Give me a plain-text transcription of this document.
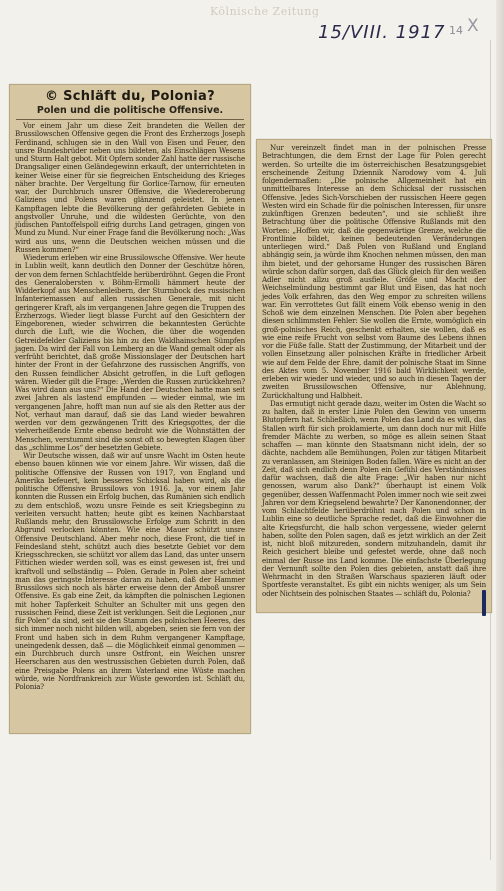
Kölnische Zeitung
15/VIII. 1917 14 X
© Schläft du, Polonia?
Polen und die politische Offensive.

Vor einem Jahr um diese Zeit brandeten die Wellen der Brussilowschen Offensive gegen die Front des Erzherzogs Joseph Ferdinand, schlugen sie in den Wall von Eisen und Feuer, den unsre Bundesbrüder neben uns bildeten, als Einschlägen Wesens und Sturm Halt gebot. Mit Opfern sonder Zahl hatte der russische Drangsaliger einen Geländegewinn erkauft, der unterrichteten in keiner Weise einer für sie fiegreichen Entscheidung des Krieges näher brachte. Der Vergeltung für Gorlice-Tarnow, für erneuten war, der Durchbruch unsrer Offensive, die Wiedereroberung Galiziens und Polens waren glänzend geleistet. In jenen Kampftagen lebte die Bevölkerung der gefährdeten Gebiete in angstvoller Unruhe, und die wildesten Gerüchte, von den jüdischen Pantoffelspoll eifrig durchs Land getragen, gingen von Mund zu Mund. Nur einer Frage fand die Bevölkerung noch: „Was wird aus uns, wenn die Deutschen weichen müssen und die Russen kommen?“

Wiederum erleben wir eine Brussilowsche Offensive. Wer heute in Lublin weilt, kann deutlich den Donner der Geschütze hören, der von dem fernen Schlachtfelde herüberdröhnt. Gegen die Front des Generalobersten v. Böhm-Ermolli hämmert heute der Widderkopf aus Menschenleibern, der Sturmbock des russischen Infanteriemassen auf allen russischen Generale, mit nicht geringerer Kraft, als im vergangenen Jahre gegen die Truppen des Erzherzogs. Wieder liegt blasse Furcht auf den Gesichtern der Eingeborenen, wieder schwirren die bekanntesten Gerüchte durch die Luft, wie die Wochen, die über die wogenden Getreidefelder Galiziens bis hin zu den Waldhainschen Sümpfen jagen. Da wird der Fall von Lemberg an die Wand gemalt oder als verfrüht berichtet, daß große Missionslager der Deutschen hart hinter der Front in der Gefahrzone des russischen Angriffs, von den Russen feindlicher Absicht getroffen, in die Luft geflogen wären. Wieder gilt die Frage: „Werden die Russen zurückkehren? Was wird dann aus uns?“ Die Hand der Deutschen hatte man seit zwei Jahren als lastend empfunden — wieder einmal, wie im vergangenen Jahre, hofft man nun auf sie als den Retter aus der Not, verhaut man darauf, daß sie das Land wieder bewahren werden vor dem gezwängenen Tritt des Kriegsgottes, der die vielverheißende Ernte ebenso bedroht wie die Wohnstätten der Menschen, verstummt sind die sonst oft so bewegten Klagen über das „schlimme Los“ der besetzten Gebiete.

Wir Deutsche wissen, daß wir auf unsre Wacht im Osten heute ebenso bauen können wie vor einem Jahre. Wir wissen, daß die politische Offensive der Russen von 1917, von England und Amerika befeuert, kein besseres Schicksal haben wird, als die politische Offensive Brussilows von 1916. Ja, vor einem Jahr konnten die Russen ein Erfolg buchen, das Rumänien sich endlich zu dem entschloß, wozu unsre Feinde es seit Kriegsbeginn zu verleiten versucht hatten; heute gibt es keinen Nachbarstaat Rußlands mehr, den Brussilowsche Erfolge zum Schritt in den Abgrund verlocken könnten. Wie eine Mauer schützt unsre Offensive Deutschland. Aber mehr noch, diese Front, die tief in Feindesland steht, schützt auch dies besetzte Gebiet vor dem Kriegsschrecken, sie schützt vor allem das Land, das unter unsern Fittichen wieder werden soll, was es einst gewesen ist, frei und kraftvoll und selbständig — Polen. Gerade in Polen aber scheint man das geringste Interesse daran zu haben, daß der Hammer Brussilows sich noch als härter erweise denn der Amboß unsrer Offensive. Es gab eine Zeit, da kämpften die polnischen Legionen mit hoher Tapferkeit Schulter an Schulter mit uns gegen den russischen Feind, diese Zeit ist verklungen. Seit die Legionen „nur für Polen“ da sind, seit sie den Stamm des polnischen Heeres, des sich immer noch nicht bilden will, abgeben, seien sie fern von der Front und haben sich in dem Ruhm vergangener Kampftage, uneingedenk dessen, daß — die Möglichkeit einmal genommen — ein Durchbruch durch unsre Ostfront, ein Weichen unsrer Heerscharen aus den westrussischen Gebieten durch Polen, daß eine Preisgabe Polens an ihrem Vaterland eine Wüste machen würde, wie Nordfrankreich zur Wüste geworden ist. Schläft du, Polonia?

Nur vereinzelt findet man in der polnischen Presse Betrachtungen, die dem Ernst der Lage für Polen gerecht werden. So urteilte die im österreichischen Besatzungsgebiet erscheinende Zeitung Dziennik Narodowy vom 4. Juli folgendermaßen: „Die polnische Allgemeinheit hat ein unmittelbares Interesse an dem Schicksal der russischen Offensive. Jedes Sich-Vorschieben der russischen Heere gegen Westen wird ein Schade für die polnischen Interessen, für unsre zukünftigen Grenzen bedeuten“, und sie schließt ihre Betrachtung über die politische Offensive Rußlands mit den Worten: „Hoffen wir, daß die gegenwärtige Grenze, welche die Frontlinie bildet, keinen bedeutenden Veränderungen unterliegen wird.“ Daß Polen von Rußland und England abhängig sein, ja würde ihm Knochen nehmen müssen, den man ihm bietet, und der gehorsame Hunger des russischen Bären würde schon dafür sorgen, daß das Glück gleich für den weißen Adler nicht allzu groß ausfiele. Größe und Macht der Weichselmündung bestimmt gar Blut und Eisen, das hat noch jedes Volk erfahren, das den Weg empor zu schreiten willens war. Ein verrottetes Gut fällt einem Volk ebenso wenig in den Schoß wie dem einzelnen Menschen. Die Polen aber begehen diesen schlimmsten Fehler: Sie wollen die Ernte, womöglich ein groß-polnisches Reich, geschenkt erhalten, sie wollen, daß es wie eine reife Frucht von selbst vom Baume des Lebens ihnen vor die Füße falle. Statt der Zustimmung, der Mitarbeit und der vollen Einsetzung aller polnischen Kräfte in friedlicher Arbeit wie auf dem Felde der Ehre, damit der polnische Staat im Sinne des Aktes vom 5. November 1916 bald Wirklichkeit werde, erleben wir wieder und wieder, und so auch in diesen Tagen der zweiten Brussilowschen Offensive, nur Ablehnung, Zurückhaltung und Halbheit.

Das ermutigt nicht gerade dazu, weiter im Osten die Wacht so zu halten, daß in erster Linie Polen den Gewinn von unserm Blutopfern hat. Schließlich, wenn Polen das Land da es will, das Stallen wirft für sich proklamierte, um dann doch nur mit Hilfe fremder Mächte zu werben, so möge es allein seinen Staat schaffen — man könnte den Staatsmann nicht ideln, der so dächte, nachdem alle Bemühungen, Polen zur tätigen Mitarbeit zu veranlassen, am Steinigen Boden fallen. Wäre es nicht an der Zeit, daß sich endlich denn Polen ein Gefühl des Verständnisses dafür wachsen, daß die alte Frage: „Wir haben nur nicht genossen, warum also Dank?“ überhaupt ist einem Volk gegenüber, dessen Waffenmacht Polen immer noch wie seit zwei Jahren vor dem Kriegselend bewahrte? Der Kanonendonner, der vom Schlachtfelde herüberdröhnt nach Polen und schon in Lublin eine so deutliche Sprache redet, daß die Einwohner die alte Kriegsfurcht, die halb schon vergessene, wieder gelernt haben, sollte den Polen sagen, daß es jetzt wirklich an der Zeit ist, nicht bloß mitzureden, sondern mitzuhandeln, damit ihr Reich gesichert bleibe und gefestet werde, ohne daß noch einmal der Russe ins Land komme. Die einfachste Überlegung der Vernunft sollte den Polen dies gebieten, anstatt daß ihre Wehrmacht in den Straßen Warschaus spazieren läuft oder Sportfeste veranstaltet. Es gibt ein nichts weniger, als um Sein oder Nichtsein des polnischen Staates — schläft du, Polonia?
